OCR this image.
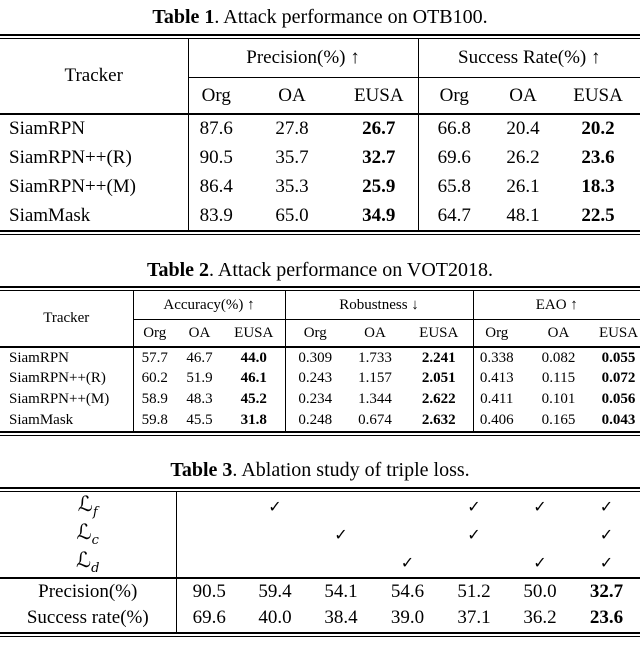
Table 1. Attack performance on OTB100.
Tracker	Precision(%) ↑			Success Rate(%) ↑		
	Org	OA	EUSA	Org	OA	EUSA
SiamRPN	87.6	27.8	26.7	66.8	20.4	20.2
SiamRPN++(R)	90.5	35.7	32.7	69.6	26.2	23.6
SiamRPN++(M)	86.4	35.3	25.9	65.8	26.1	18.3
SiamMask	83.9	65.0	34.9	64.7	48.1	22.5
Table 2. Attack performance on VOT2018.
Tracker	Accuracy(%) ↑			Robustness ↓			EAO ↑		
	Org	OA	EUSA	Org	OA	EUSA	Org	OA	EUSA
SiamRPN	57.7	46.7	44.0	0.309	1.733	2.241	0.338	0.082	0.055
SiamRPN++(R)	60.2	51.9	46.1	0.243	1.157	2.051	0.413	0.115	0.072
SiamRPN++(M)	58.9	48.3	45.2	0.234	1.344	2.622	0.411	0.101	0.056
SiamMask	59.8	45.5	31.8	0.248	0.674	2.632	0.406	0.165	0.043
Table 3. Ablation study of triple loss.
ℒ$_f$		✓			✓	✓	✓
ℒ$_c$			✓		✓		✓
ℒ$_d$				✓		✓	✓
Precision(%)	90.5	59.4	54.1	54.6	51.2	50.0	32.7
Success rate(%)	69.6	40.0	38.4	39.0	37.1	36.2	23.6
